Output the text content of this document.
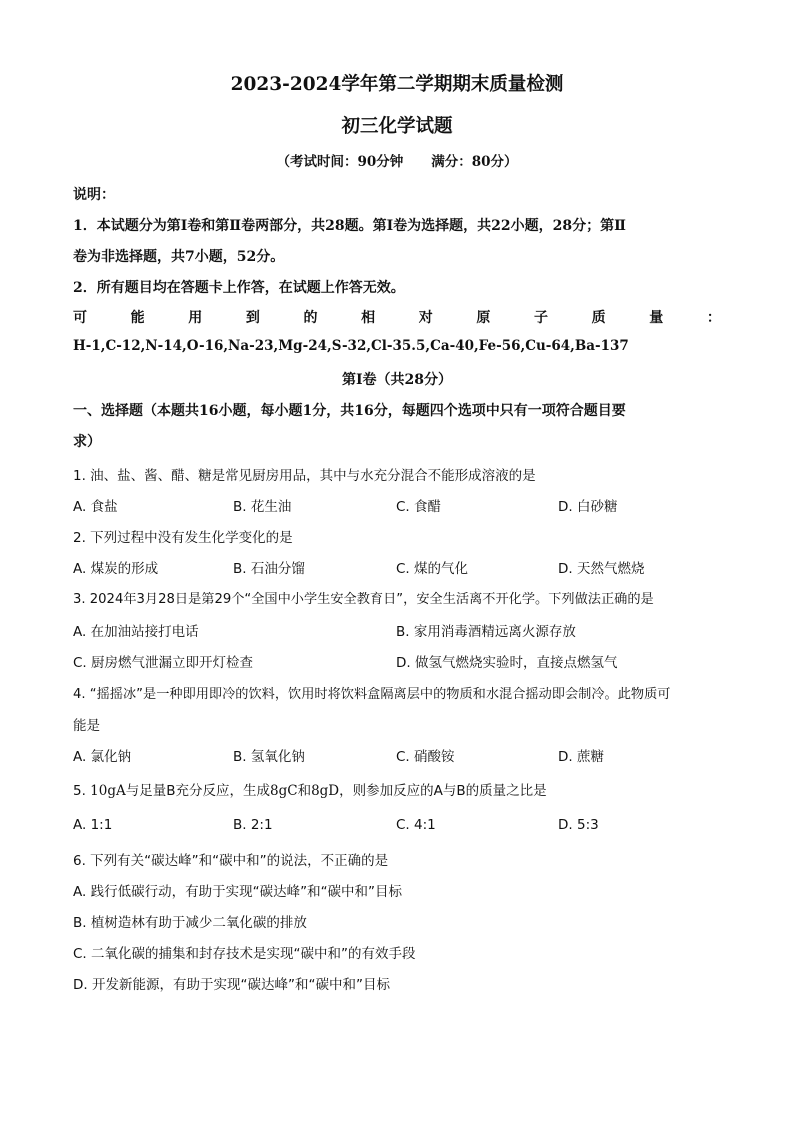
2023-2024学年第二学期期末质量检测
初三化学试题
（考试时间：90分钟 满分：80分）
说明：
1．本试题分为第Ⅰ卷和第Ⅱ卷两部分，共28题。第Ⅰ卷为选择题，共22小题，28分；第Ⅱ
卷为非选择题，共7小题，52分。
2．所有题目均在答题卡上作答，在试题上作答无效。
可	能	用	到	的	相	对	原	子	质	量	：
H-1,C-12,N-14,O-16,Na-23,Mg-24,S-32,Cl-35.5,Ca-40,Fe-56,Cu-64,Ba-137
第Ⅰ卷（共28分）
一、选择题（本题共16小题，每小题1分，共16分，每题四个选项中只有一项符合题目要
求）
1. 油、盐、酱、醋、糖是常见厨房用品，其中与水充分混合不能形成溶液的是
A. 食盐	B. 花生油	C. 食醋	D. 白砂糖
2. 下列过程中没有发生化学变化的是
A. 煤炭的形成	B. 石油分馏	C. 煤的气化	D. 天然气燃烧
3. 2024年3月28日是第29个“全国中小学生安全教育日”，安全生活离不开化学。下列做法正确的是
A. 在加油站接打电话	B. 家用消毒酒精远离火源存放
C. 厨房燃气泄漏立即开灯检查	D. 做氢气燃烧实验时，直接点燃氢气
4. “摇摇冰”是一种即用即冷的饮料，饮用时将饮料盒隔离层中的物质和水混合摇动即会制冷。此物质可
能是
A. 氯化钠	B. 氢氧化钠	C. 硝酸铵	D. 蔗糖
5. 10gA与足量B充分反应，生成8gC和8gD，则参加反应的A与B的质量之比是
A. 1:1	B. 2:1	C. 4:1	D. 5:3
6. 下列有关“碳达峰”和“碳中和”的说法，不正确的是
A. 践行低碳行动，有助于实现“碳达峰”和“碳中和”目标
B. 植树造林有助于减少二氧化碳的排放
C. 二氧化碳的捕集和封存技术是实现“碳中和”的有效手段
D. 开发新能源，有助于实现“碳达峰”和“碳中和”目标
